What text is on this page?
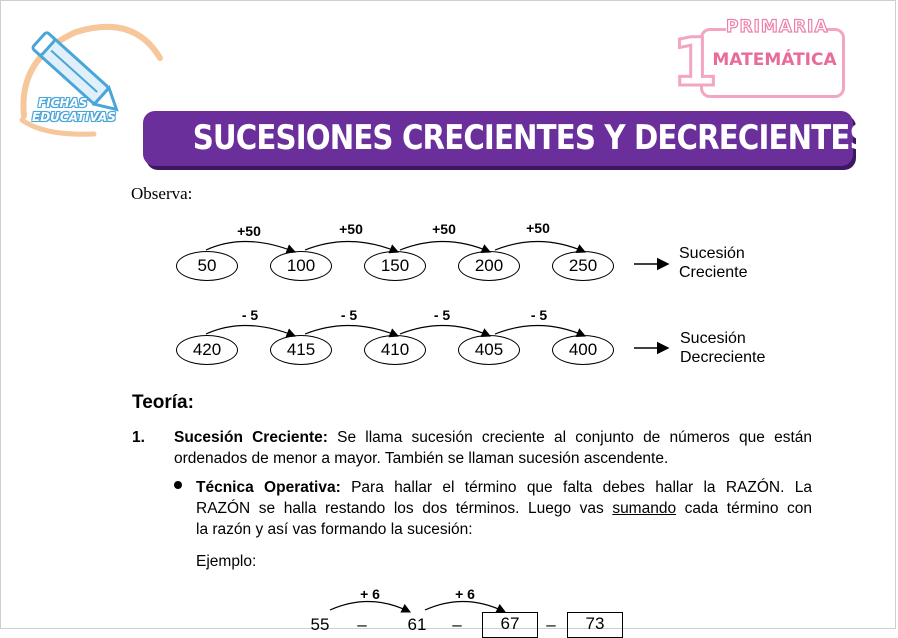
FICHAS
EDUCATIVAS
1 PRIMARIA
MATEMÁTICA
SUCESIONES CRECIENTES Y DECRECIENTES
Observa:
+50	+50	+50	+50
50	100	150	200	250
Sucesión
Creciente
- 5	- 5	- 5	- 5
420	415	410	405	400
Sucesión
Decreciente
Teoría:
1. Sucesión Creciente: Se llama sucesión creciente al conjunto de números que están
ordenados de menor a mayor. También se llaman sucesión ascendente.
Técnica Operativa: Para hallar el término que falta debes hallar la RAZÓN. La
RAZÓN se halla restando los dos términos. Luego vas sumando cada término con
la razón y así vas formando la sucesión:
Ejemplo:
+ 6	+ 6
55	–	61	–	67	–	73
